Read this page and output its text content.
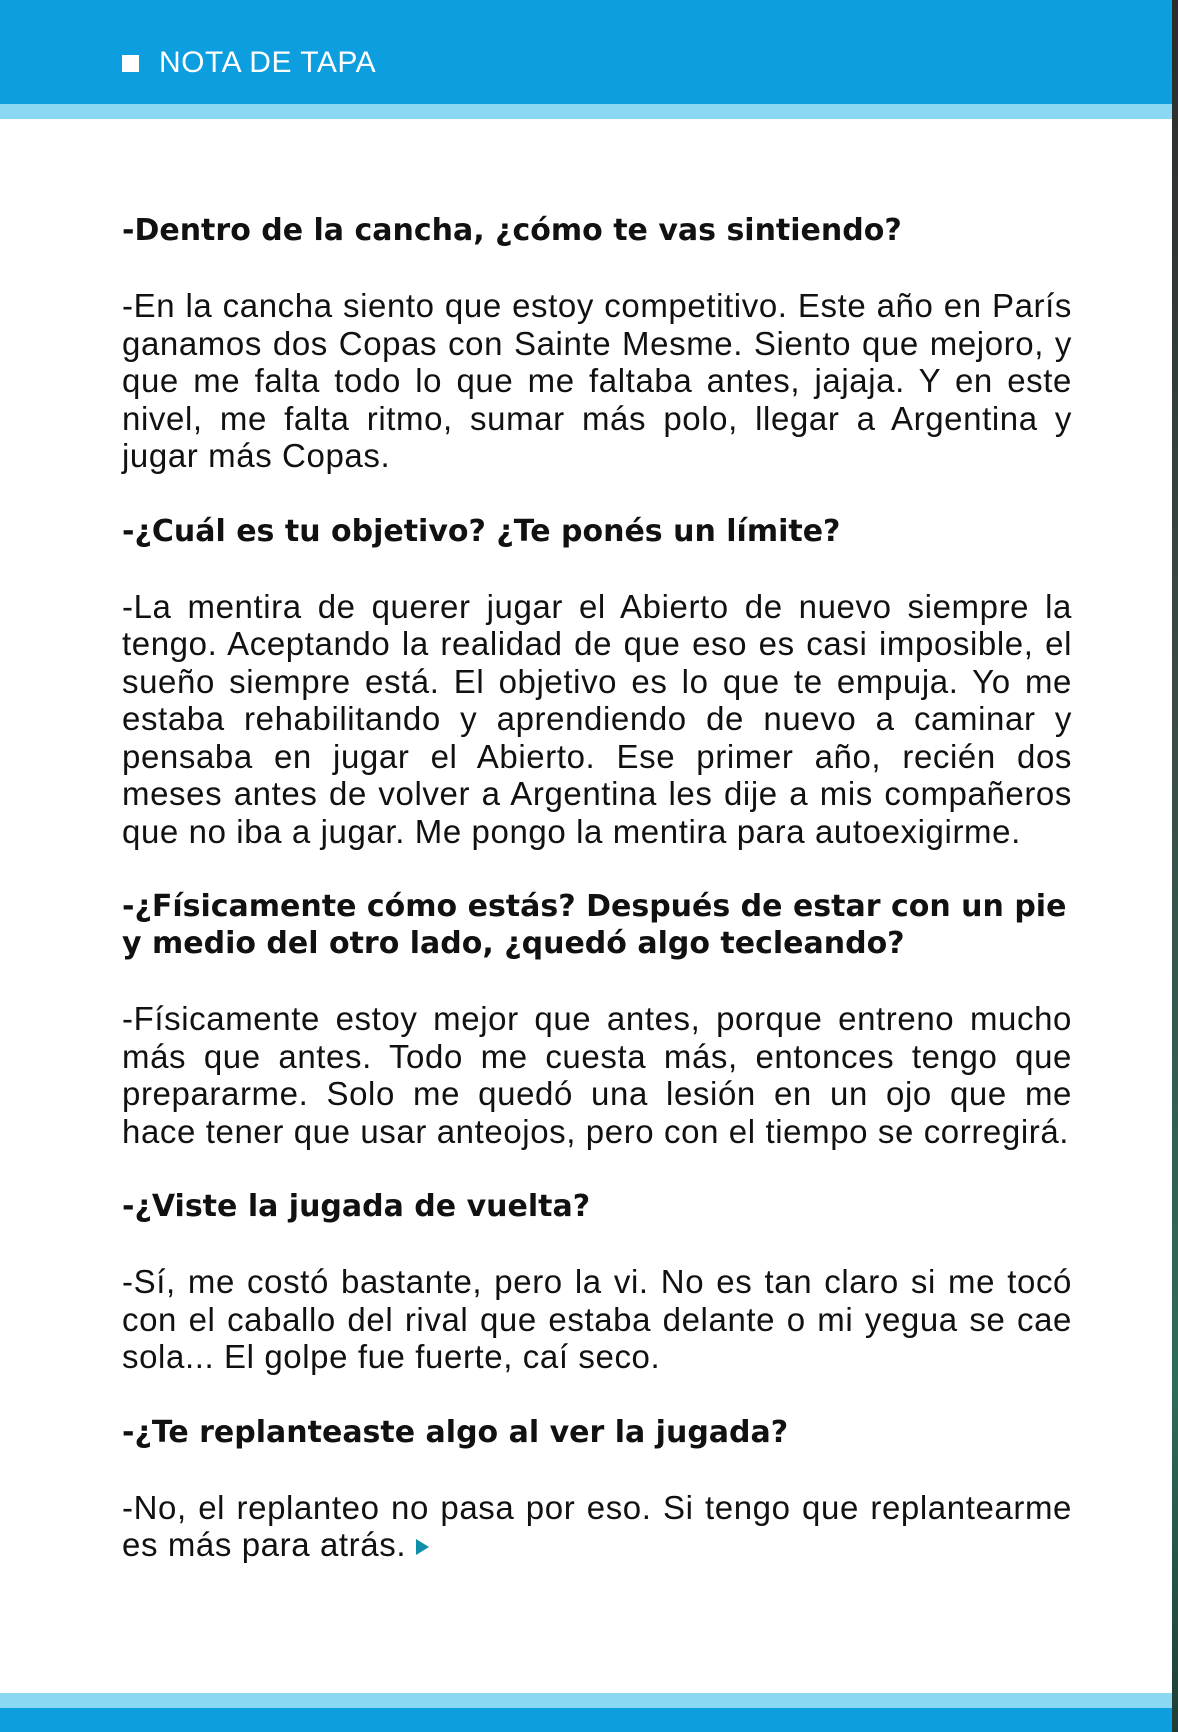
NOTA DE TAPA

-Dentro de la cancha, ¿cómo te vas sintiendo?

-En la cancha siento que estoy competitivo. Este año en París ganamos dos Copas con Sainte Mesme. Siento que mejoro, y que me falta todo lo que me faltaba antes, jajaja. Y en este nivel, me falta ritmo, sumar más polo, llegar a Argentina y jugar más Copas.

-¿Cuál es tu objetivo? ¿Te ponés un límite?

-La mentira de querer jugar el Abierto de nuevo siempre la tengo. Aceptando la realidad de que eso es casi imposible, el sueño siempre está. El objetivo es lo que te empuja. Yo me estaba rehabilitando y aprendiendo de nuevo a caminar y pensaba en jugar el Abierto. Ese primer año, recién dos meses antes de volver a Argentina les dije a mis compañeros que no iba a jugar. Me pongo la mentira para autoexigirme.

-¿Físicamente cómo estás? Después de estar con un pie y medio del otro lado, ¿quedó algo tecleando?

-Físicamente estoy mejor que antes, porque entreno mucho más que antes. Todo me cuesta más, entonces tengo que prepararme. Solo me quedó una lesión en un ojo que me hace tener que usar anteojos, pero con el tiempo se corregirá.

-¿Viste la jugada de vuelta?

-Sí, me costó bastante, pero la vi. No es tan claro si me tocó con el caballo del rival que estaba delante o mi yegua se cae sola... El golpe fue fuerte, caí seco.

-¿Te replanteaste algo al ver la jugada?

-No, el replanteo no pasa por eso. Si tengo que replantearme es más para atrás.
